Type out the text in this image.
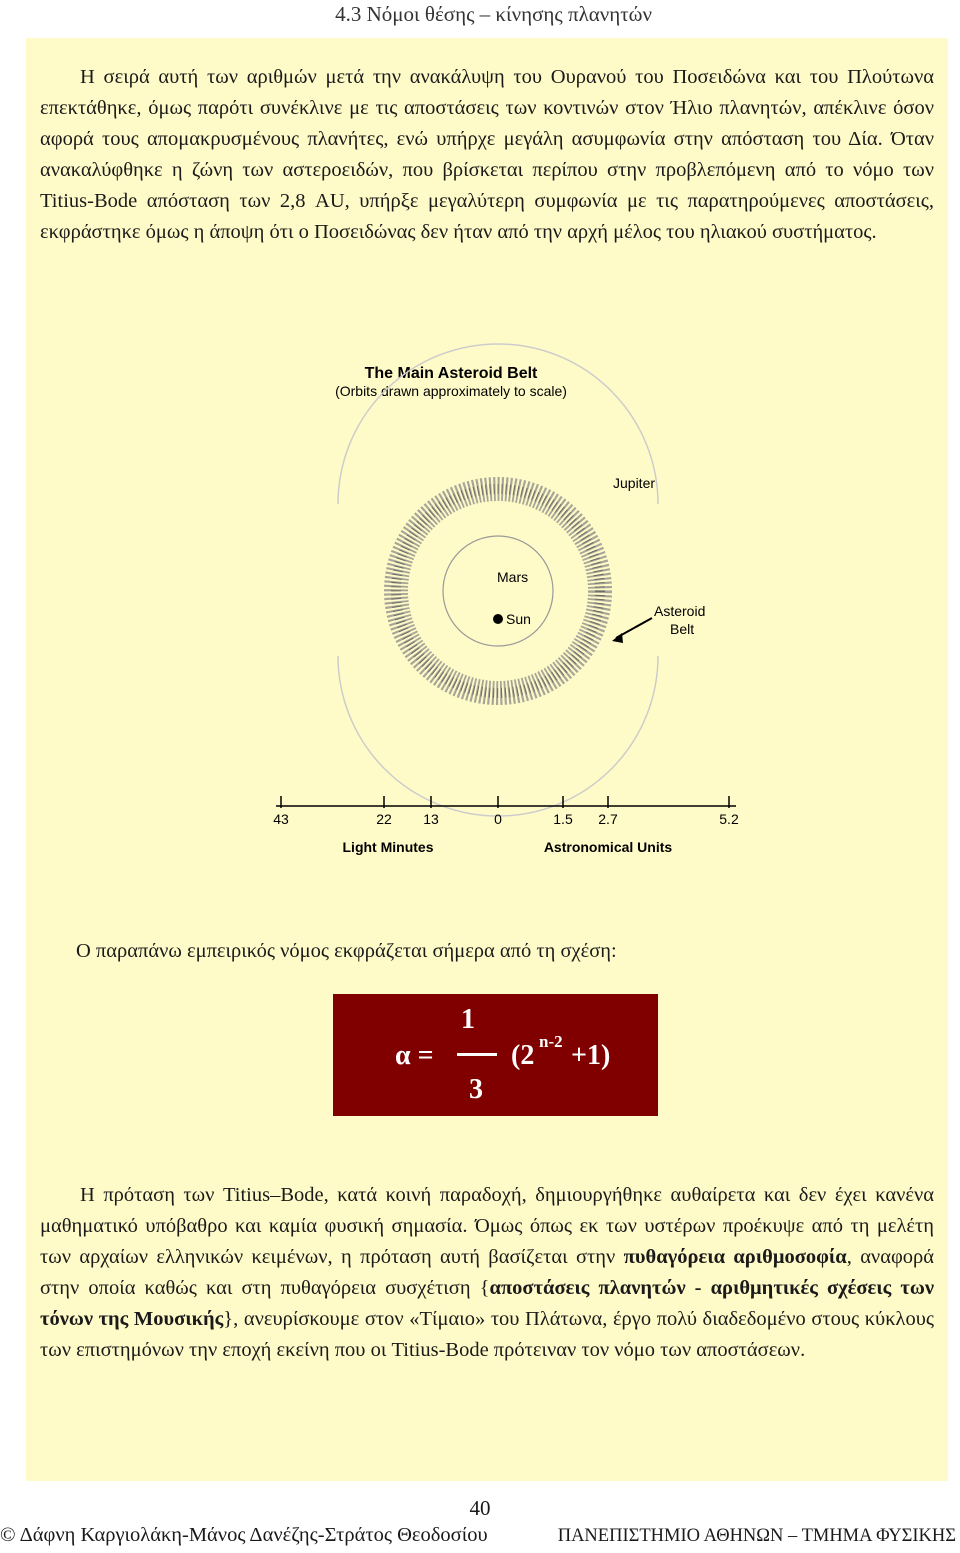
4.3 Νόμοι θέσης – κίνησης πλανητών

Η σειρά αυτή των αριθμών μετά την ανακάλυψη του Ουρανού του Ποσειδώνα και του Πλούτωνα επεκτάθηκε, όμως παρότι συνέκλινε με τις αποστάσεις των κοντινών στον Ήλιο πλανητών, απέκλινε όσον αφορά τους απομακρυσμένους πλανήτες, ενώ υπήρχε μεγάλη ασυμφωνία στην απόσταση του Δία. Όταν ανακαλύφθηκε η ζώνη των αστεροειδών, που βρίσκεται περίπου στην προβλεπόμενη από το νόμο των Titius-Bode απόσταση των 2,8 AU, υπήρξε μεγαλύτερη συμφωνία με τις παρατηρούμενες αποστάσεις, εκφράστηκε όμως η άποψη ότι ο Ποσειδώνας δεν ήταν από την αρχή μέλος του ηλιακού συστήματος.

The Main Asteroid Belt
(Orbits drawn approximately to scale)
Sun
Mars
Jupiter
Asteroid
Belt
43	22 13	0	1.5 2.7	5.2
Light Minutes	Astronomical Units

Ο παραπάνω εμπειρικός νόμος εκφράζεται σήμερα από τη σχέση:

α =
1
3
(2 n-2 +1)

Η πρόταση των Titius–Bode, κατά κοινή παραδοχή, δημιουργήθηκε αυθαίρετα και δεν έχει κανένα μαθηματικό υπόβαθρο και καμία φυσική σημασία. Όμως όπως εκ των υστέρων προέκυψε από τη μελέτη των αρχαίων ελληνικών κειμένων, η πρόταση αυτή βασίζεται στην πυθαγόρεια αριθμοσοφία, αναφορά στην οποία καθώς και στη πυθαγόρεια συσχέτιση {αποστάσεις πλανητών - αριθμητικές σχέσεις των τόνων της Μουσικής}, ανευρίσκουμε στον «Τίμαιο» του Πλάτωνα, έργο πολύ διαδεδομένο στους κύκλους των επιστημόνων την εποχή εκείνη που οι Titius-Bode πρότειναν τον νόμο των αποστάσεων.

40
© Δάφνη Καργιολάκη-Μάνος Δανέζης-Στράτος Θεοδοσίου	ΠΑΝΕΠΙΣΤΗΜΙΟ ΑΘΗΝΩΝ – ΤΜΗΜΑ ΦΥΣΙΚΗΣ
